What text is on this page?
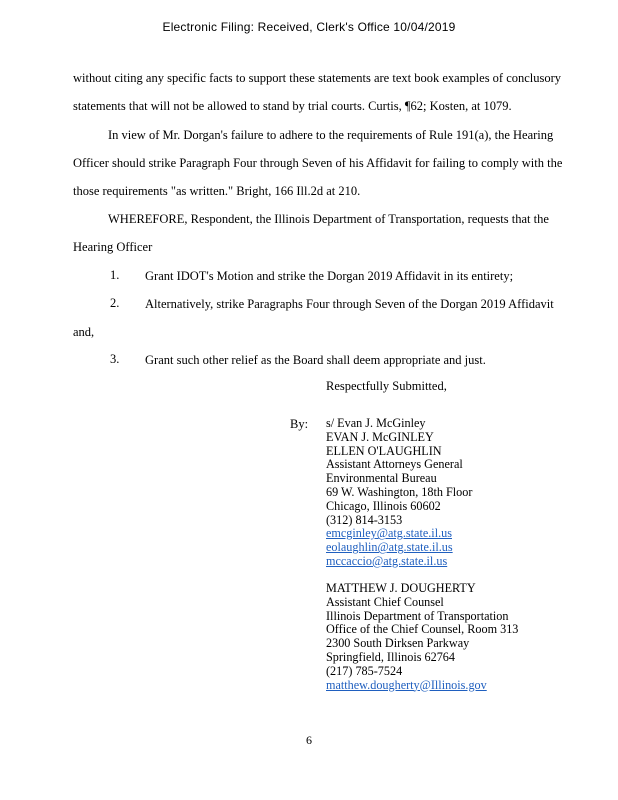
Electronic Filing: Received, Clerk's Office 10/04/2019
without citing any specific facts to support these statements are text book examples of conclusory
statements that will not be allowed to stand by trial courts. Curtis, ¶62; Kosten, at 1079.
In view of Mr. Dorgan's failure to adhere to the requirements of Rule 191(a), the Hearing
Officer should strike Paragraph Four through Seven of his Affidavit for failing to comply with the
those requirements "as written." Bright, 166 Ill.2d at 210.
WHEREFORE, Respondent, the Illinois Department of Transportation, requests that the
Hearing Officer
1. Grant IDOT's Motion and strike the Dorgan 2019 Affidavit in its entirety;
2. Alternatively, strike Paragraphs Four through Seven of the Dorgan 2019 Affidavit
and,
3. Grant such other relief as the Board shall deem appropriate and just.
Respectfully Submitted,
By: s/ Evan J. McGinley
EVAN J. McGINLEY
ELLEN O'LAUGHLIN
Assistant Attorneys General
Environmental Bureau
69 W. Washington, 18th Floor
Chicago, Illinois 60602
(312) 814-3153
emcginley@atg.state.il.us
eolaughlin@atg.state.il.us
mccaccio@atg.state.il.us
MATTHEW J. DOUGHERTY
Assistant Chief Counsel
Illinois Department of Transportation
Office of the Chief Counsel, Room 313
2300 South Dirksen Parkway
Springfield, Illinois 62764
(217) 785-7524
matthew.dougherty@Illinois.gov
6
